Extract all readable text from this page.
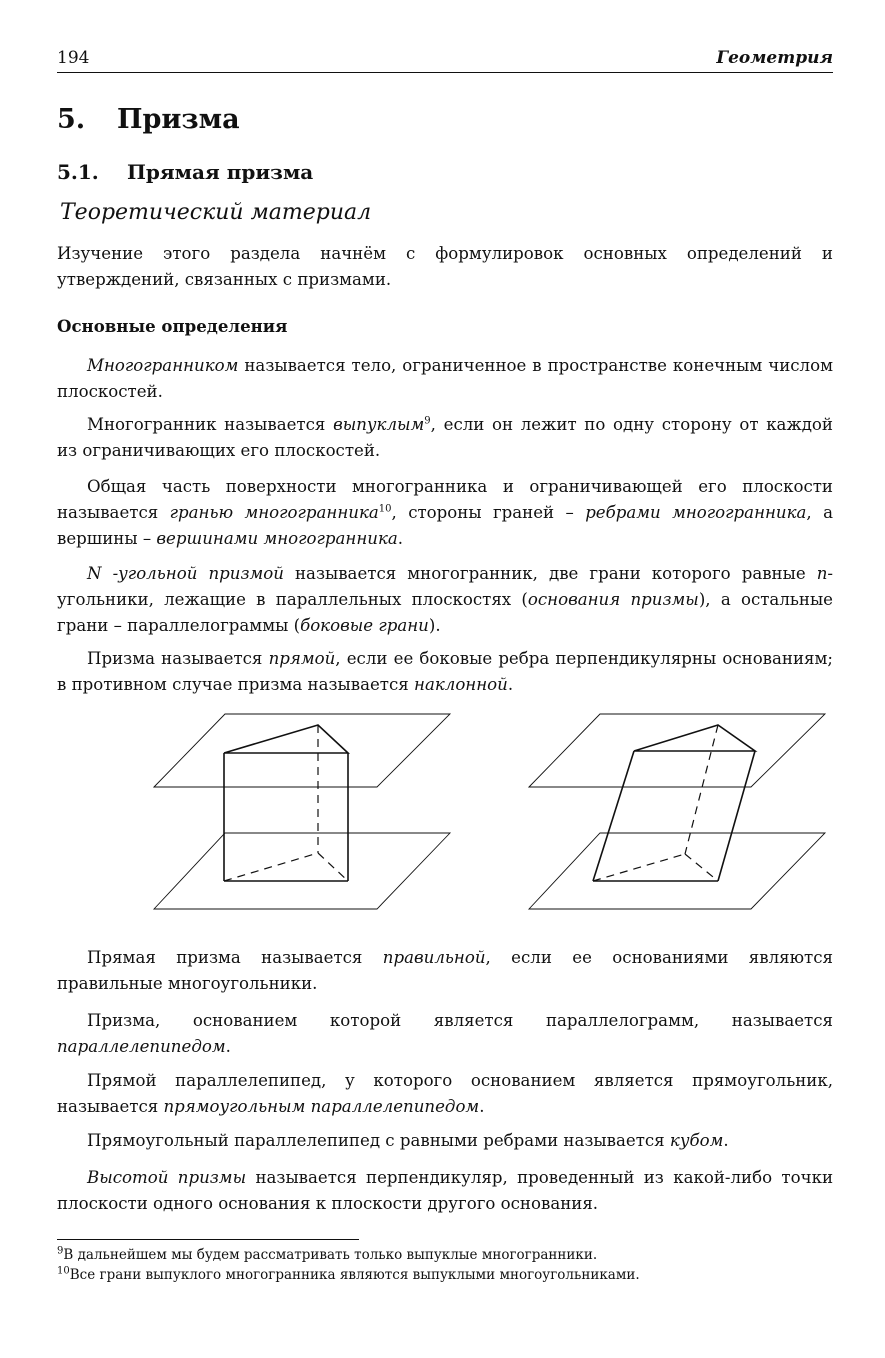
194	Геометрия
5. Призма
5.1. Прямая призма
Теоретический материал
Изучение этого раздела начнём с формулировок основных определений и утверждений, связанных с призмами.
Основные определения
Многогранником называется тело, ограниченное в пространстве конечным числом плоскостей.
Многогранник называется выпуклым$^9$, если он лежит по одну сторону от каждой из ограничивающих его плоскостей.
Общая часть поверхности многогранника и ограничивающей его плоскости называется гранью многогранника$^{10}$, стороны граней – ребрами многогранника, а вершины – вершинами многогранника.
N -угольной призмой называется многогранник, две грани которого равные n-угольники, лежащие в параллельных плоскостях (основания призмы), а остальные грани – параллелограммы (боковые грани).
Призма называется прямой, если ее боковые ребра перпендикулярны основаниям; в противном случае призма называется наклонной.
Прямая призма называется правильной, если ее основаниями являются правильные многоугольники.
Призма, основанием которой является параллелограмм, называется параллелепипедом.
Прямой параллелепипед, у которого основанием является прямоугольник, называется прямоугольным параллелепипедом.
Прямоугольный параллелепипед с равными ребрами называется кубом.
Высотой призмы называется перпендикуляр, проведенный из какой-либо точки плоскости одного основания к плоскости другого основания.
$^9$В дальнейшем мы будем рассматривать только выпуклые многогранники.
$^{10}$Все грани выпуклого многогранника являются выпуклыми многоугольниками.
